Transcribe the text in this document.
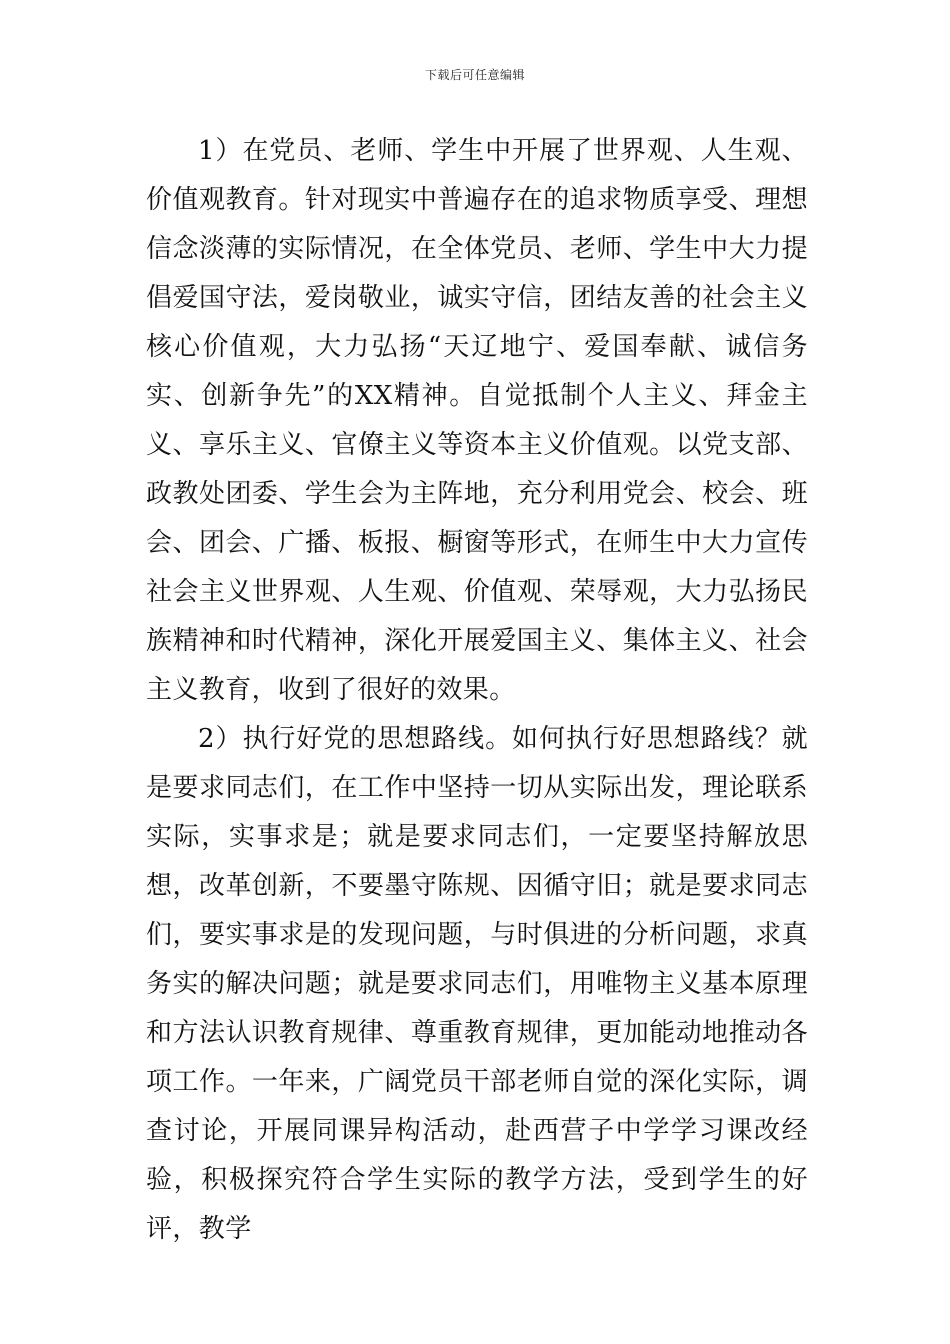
下载后可任意编辑

1）在党员、老师、学生中开展了世界观、人生观、价值观教育。针对现实中普遍存在的追求物质享受、理想信念淡薄的实际情况，在全体党员、老师、学生中大力提倡爱国守法，爱岗敬业，诚实守信，团结友善的社会主义核心价值观，大力弘扬“天辽地宁、爱国奉献、诚信务实、创新争先”的XX精神。自觉抵制个人主义、拜金主义、享乐主义、官僚主义等资本主义价值观。以党支部、政教处团委、学生会为主阵地，充分利用党会、校会、班会、团会、广播、板报、橱窗等形式，在师生中大力宣传社会主义世界观、人生观、价值观、荣辱观，大力弘扬民族精神和时代精神，深化开展爱国主义、集体主义、社会主义教育，收到了很好的效果。

2）执行好党的思想路线。如何执行好思想路线？就是要求同志们，在工作中坚持一切从实际出发，理论联系实际，实事求是；就是要求同志们，一定要坚持解放思想，改革创新，不要墨守陈规、因循守旧；就是要求同志们，要实事求是的发现问题，与时俱进的分析问题，求真务实的解决问题；就是要求同志们，用唯物主义基本原理和方法认识教育规律、尊重教育规律，更加能动地推动各项工作。一年来，广阔党员干部老师自觉的深化实际，调查讨论，开展同课异构活动，赴西营子中学学习课改经验，积极探究符合学生实际的教学方法，受到学生的好评，教学
